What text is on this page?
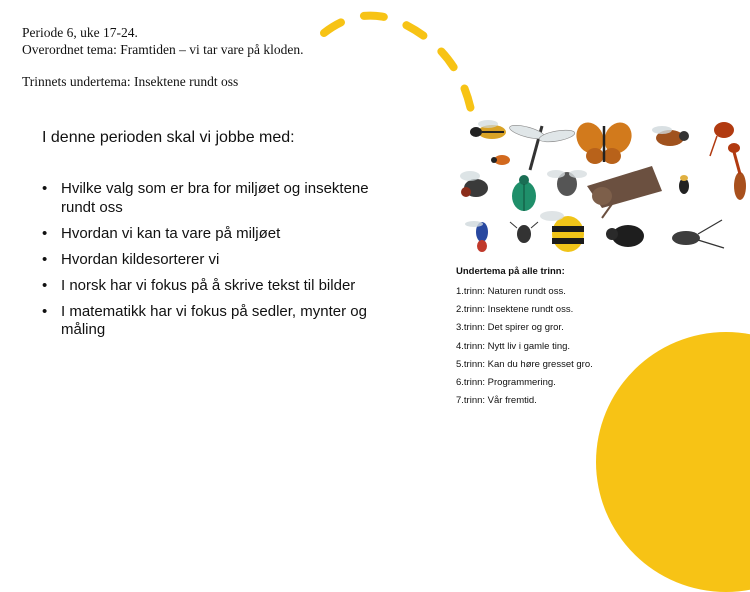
Periode 6, uke 17-24.
Overordnet tema: Framtiden – vi tar vare på kloden.
Trinnets undertema: Insektene rundt oss
I denne perioden skal vi jobbe med:
• Hvilke valg som er bra for miljøet og insektene rundt oss
• Hvordan vi kan ta vare på miljøet
• Hvordan kildesorterer vi
• I norsk har vi fokus på å skrive tekst til bilder
• I matematikk har vi fokus på sedler, mynter og måling
Undertema på alle trinn:
1.trinn: Naturen rundt oss.
2.trinn: Insektene rundt oss.
3.trinn: Det spirer og gror.
4.trinn: Nytt liv i gamle ting.
5.trinn: Kan du høre gresset gro.
6.trinn: Programmering.
7.trinn: Vår fremtid.
